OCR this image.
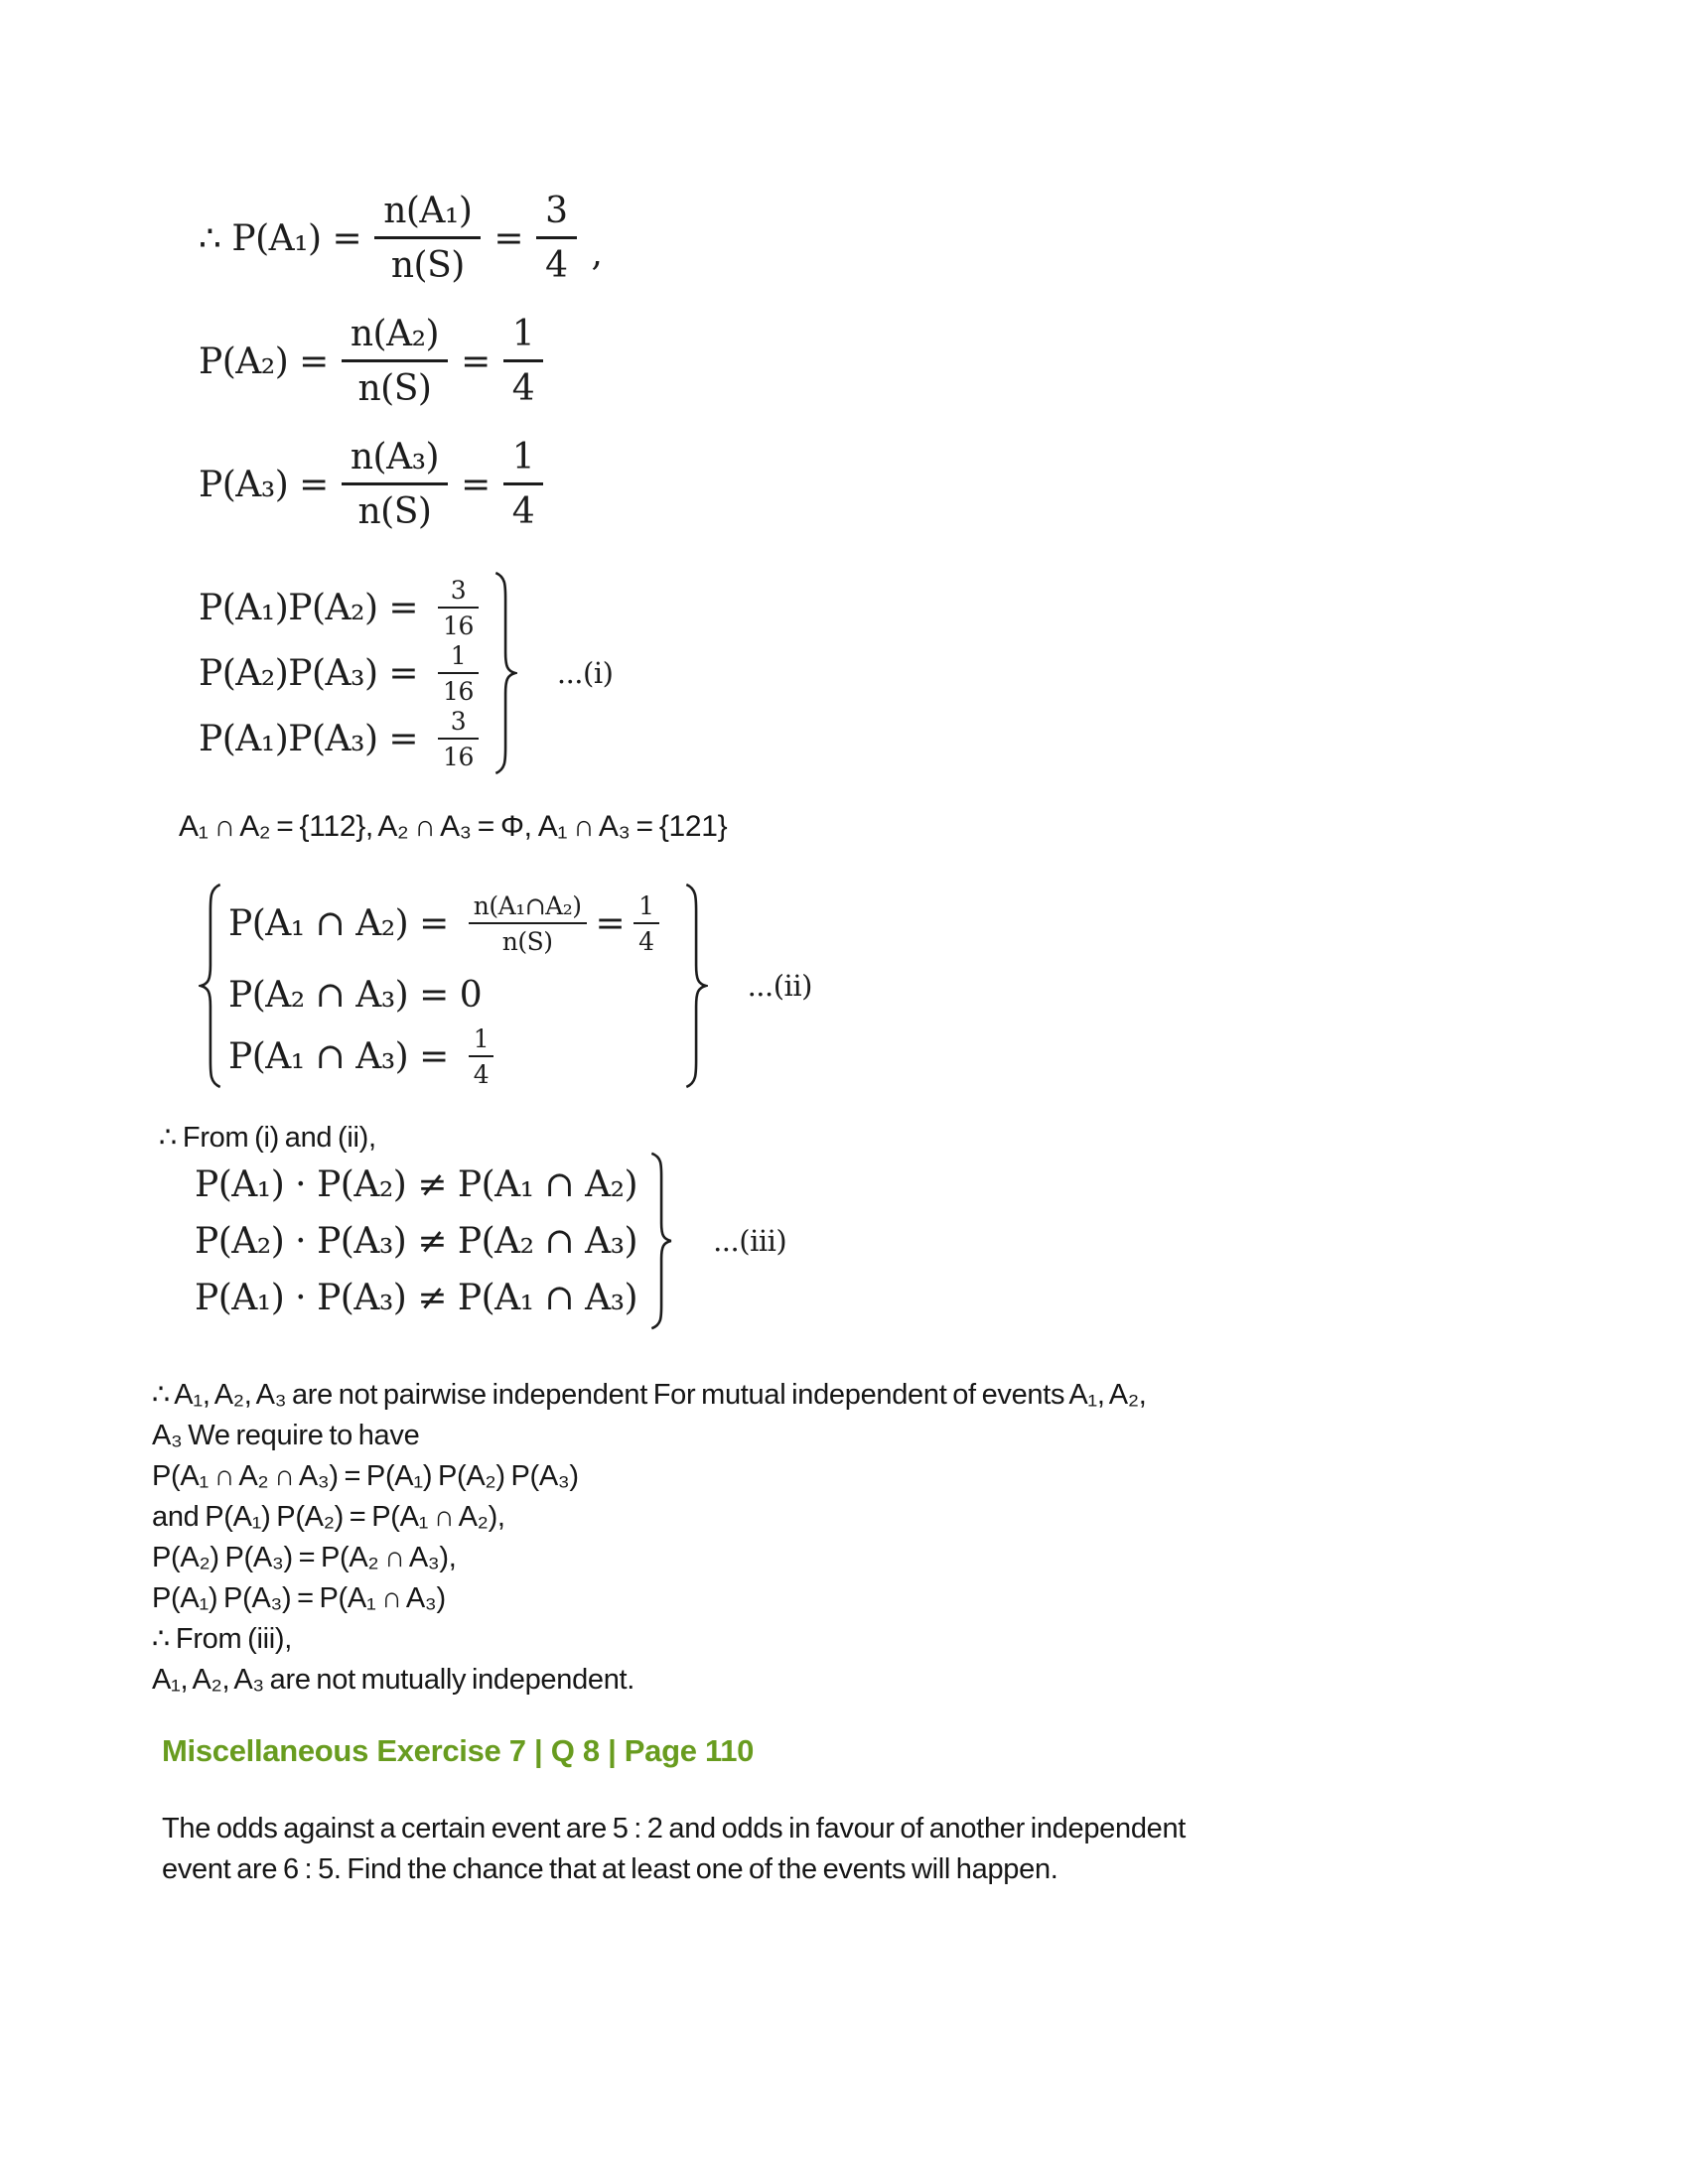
∴ $P(A_1) = \frac{\text{n(A₁)}}{n(S)} = \frac{3}{4}$ ,
$P(A_2) = \frac{\text{n(A₂)}}{n(S)} = \frac{1}{4}$
$P(A_3) = \frac{\text{n(A₃)}}{n(S)} = \frac{1}{4}$
$P(A_1)P(A_2) = \frac{3}{16}$
$P(A_2)P(A_3) = \frac{1}{16}$
$P(A_1)P(A_3) = \frac{3}{16}$
...(i)
A₁ ∩ A₂ = {112}, A₂ ∩ A₃ = Φ, A₁ ∩ A₃ = {121}
P(A₁ ∩ $A_2) = \frac{\text{n(A₁∩A₂)}}{n(S)} = \frac{1}{4}$
P(A₂ ∩ A₃) = 0
P(A₁ ∩ $A_3) = \frac{1}{4}$
...(ii)
∴ From (i) and (ii),
P(A₁) · P(A₂) ≠ P(A₁ ∩ A₂)
P(A₂) · P(A₃) ≠ P(A₂ ∩ A₃)
P(A₁) · P(A₃) ≠ P(A₁ ∩ A₃)
...(iii)
∴ A₁, A₂, A₃ are not pairwise independent For mutual independent of events A₁, A₂,
A₃ We require to have
P(A₁ ∩ A₂ ∩ A₃) = P(A₁) P(A₂) P(A₃)
and P(A₁) P(A₂) = P(A₁ ∩ A₂),
P(A₂) P(A₃) = P(A₂ ∩ A₃),
P(A₁) P(A₃) = P(A₁ ∩ A₃)
∴ From (iii),
A₁, A₂, A₃ are not mutually independent.
Miscellaneous Exercise 7 | Q 8 | Page 110
The odds against a certain event are 5 : 2 and odds in favour of another independent
event are 6 : 5. Find the chance that at least one of the events will happen.
